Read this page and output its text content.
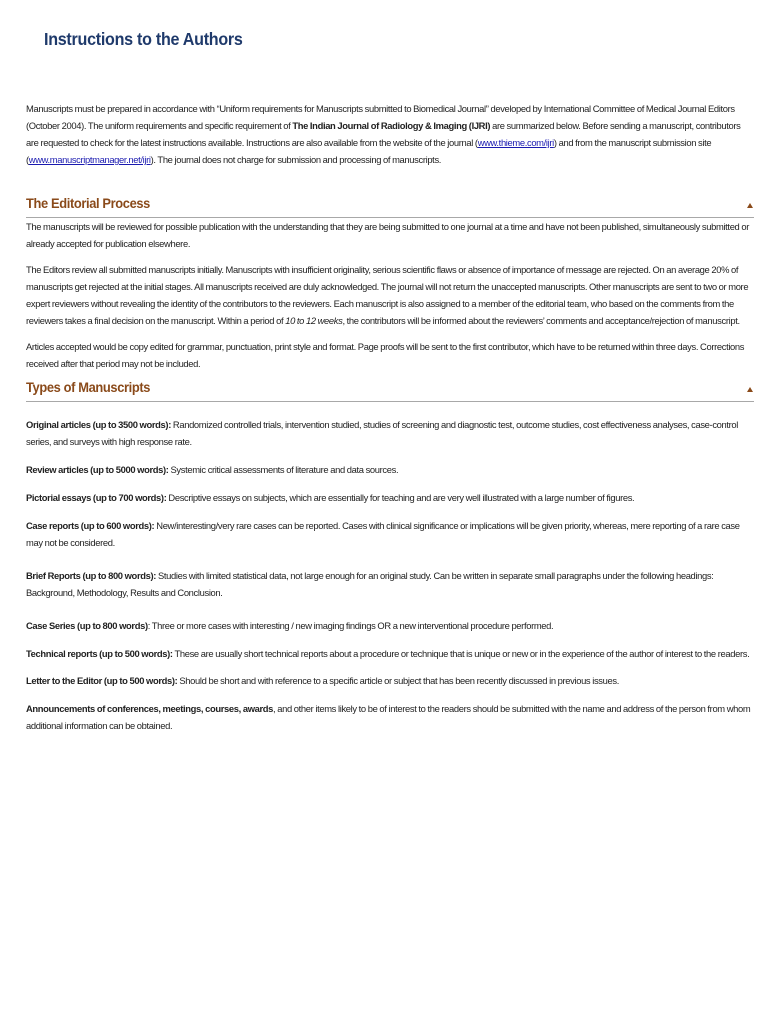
Instructions to the Authors

Manuscripts must be prepared in accordance with “Uniform requirements for Manuscripts submitted to Biomedical Journal” developed by International Committee of Medical Journal Editors (October 2004). The uniform requirements and specific requirement of The Indian Journal of Radiology & Imaging (IJRI) are summarized below. Before sending a manuscript, contributors are requested to check for the latest instructions available. Instructions are also available from the website of the journal (www.thieme.com/ijri) and from the manuscript submission site (www.manuscriptmanager.net/ijri). The journal does not charge for submission and processing of manuscripts.

The Editorial Process

The manuscripts will be reviewed for possible publication with the understanding that they are being submitted to one journal at a time and have not been published, simultaneously submitted or already accepted for publication elsewhere.

The Editors review all submitted manuscripts initially. Manuscripts with insufficient originality, serious scientific flaws or absence of importance of message are rejected. On an average 20% of manuscripts get rejected at the initial stages. All manuscripts received are duly acknowledged. The journal will not return the unaccepted manuscripts. Other manuscripts are sent to two or more expert reviewers without revealing the identity of the contributors to the reviewers. Each manuscript is also assigned to a member of the editorial team, who based on the comments from the reviewers takes a final decision on the manuscript. Within a period of 10 to 12 weeks, the contributors will be informed about the reviewers’ comments and acceptance/rejection of manuscript.

Articles accepted would be copy edited for grammar, punctuation, print style and format. Page proofs will be sent to the first contributor, which have to be returned within three days. Corrections received after that period may not be included.

Types of Manuscripts

Original articles (up to 3500 words): Randomized controlled trials, intervention studied, studies of screening and diagnostic test, outcome studies, cost effectiveness analyses, case-control series, and surveys with high response rate.

Review articles (up to 5000 words): Systemic critical assessments of literature and data sources.

Pictorial essays (up to 700 words): Descriptive essays on subjects, which are essentially for teaching and are very well illustrated with a large number of figures.

Case reports (up to 600 words): New/interesting/very rare cases can be reported. Cases with clinical significance or implications will be given priority, whereas, mere reporting of a rare case may not be considered.

Brief Reports (up to 800 words): Studies with limited statistical data, not large enough for an original study. Can be written in separate small paragraphs under the following headings: Background, Methodology, Results and Conclusion.

Case Series (up to 800 words): Three or more cases with interesting / new imaging findings OR a new interventional procedure performed.

Technical reports (up to 500 words): These are usually short technical reports about a procedure or technique that is unique or new or in the experience of the author of interest to the readers.

Letter to the Editor (up to 500 words): Should be short and with reference to a specific article or subject that has been recently discussed in previous issues.

Announcements of conferences, meetings, courses, awards, and other items likely to be of interest to the readers should be submitted with the name and address of the person from whom additional information can be obtained.
